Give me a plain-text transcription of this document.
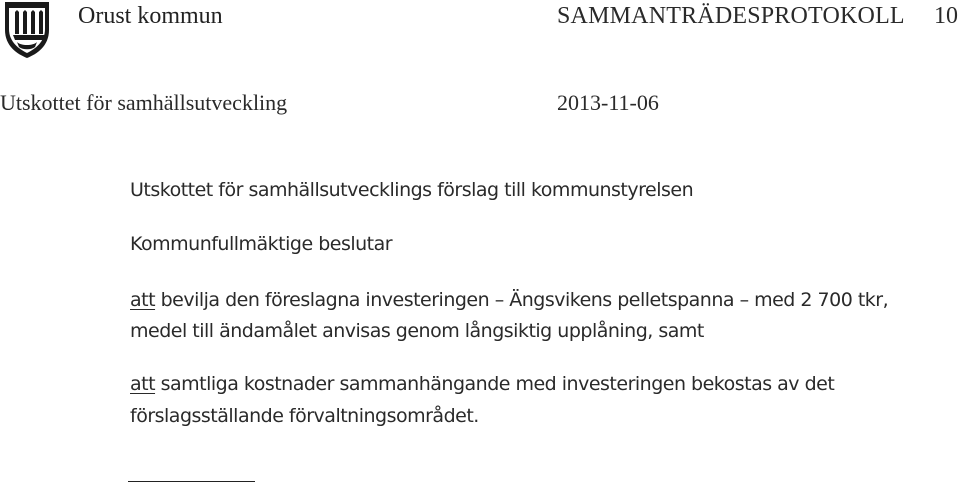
Orust kommun	SAMMANTRÄDESPROTOKOLL 10
Utskottet för samhällsutveckling	2013-11-06
Utskottet för samhällsutvecklings förslag till kommunstyrelsen
Kommunfullmäktige beslutar
att bevilja den föreslagna investeringen – Ängsvikens pelletspanna – med 2 700 tkr,
medel till ändamålet anvisas genom långsiktig upplåning, samt
att samtliga kostnader sammanhängande med investeringen bekostas av det
förslagsställande förvaltningsområdet.
